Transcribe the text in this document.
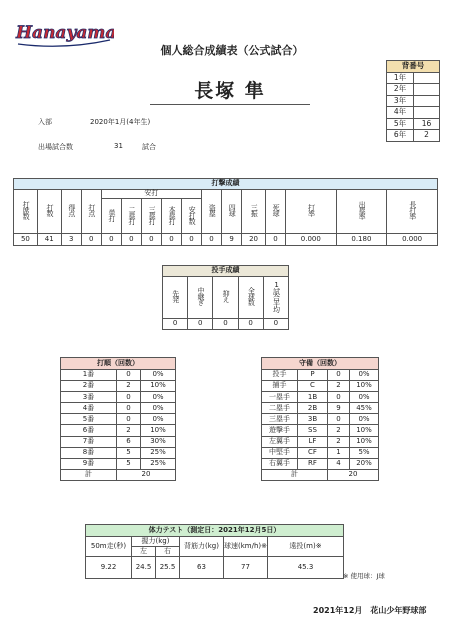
Hanayama
個人総合成績表（公式試合）
長塚 隼
入部	2020年1月(4年生)
出場試合数	31	試合
背番号	
1年	
2年	
3年	
4年	
5年	16
6年	2
打撃成績															
打席数	打数	得点	打点	安打					盗塁	四球	三振	死球	打率	出塁率	長打率
				単打	二塁打	三塁打	本塁打	安打数							
50	41	3	0	0	0	0	0	0	0	9	20	0	0.000	0.180	0.000
投手成績				
先発	中継ぎ	抑え	全球数	1試合平均
0	0	0	0	0
打順（回数）		
1番	0	0%
2番	2	10%
3番	0	0%
4番	0	0%
5番	0	0%
6番	2	10%
7番	6	30%
8番	5	25%
9番	5	25%
計	20	
守備（回数）			
投手	P	0	0%
捕手	C	2	10%
一塁手	1B	0	0%
二塁手	2B	9	45%
三塁手	3B	0	0%
遊撃手	SS	2	10%
左翼手	LF	2	10%
中堅手	CF	1	5%
右翼手	RF	4	20%
計		20	
体力テスト（測定日：2021年12月5日）					
50m走(秒)	握力(kg)		背筋力(kg)	球速(km/h)※	遠投(m)※
	左	右			
9.22	24.5	25.5	63	77	45.3
※ 使用球：J球
2021年12月　花山少年野球部
